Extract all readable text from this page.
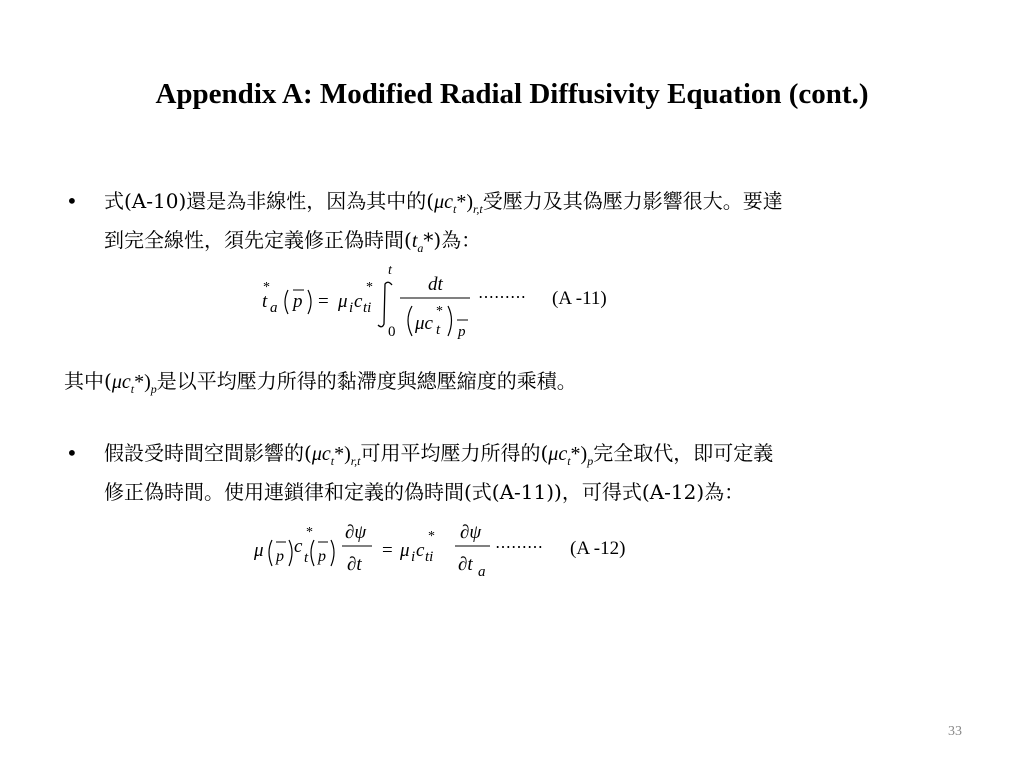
Appendix A: Modified Radial Diffusivity Equation (cont.)
• 式(A-10)還是為非線性，因為其中的$(\mu c_t*)_{r,t}$受壓力及其偽壓力影響很大。要達
到完全線性，須先定義修正偽時間$(t_a*)$為：
t
*
a p = μ i c
*
ti
t
0
dt
μc
*
t p
⋯⋯⋯ (A -11)
其中$(\mu c_t*)_p$是以平均壓力所得的黏滯度與總壓縮度的乘積。
• 假設受時間空間影響的$(\mu c_t*)_{r,t}$可用平均壓力所得的$(\mu c_t*)_p$完全取代，即可定義
修正偽時間。使用連鎖律和定義的偽時間(式(A-11))，可得式(A-12)為：
μ p c
*
t p
∂ψ
∂t
= μ i c
*
ti
∂ψ
∂t a
⋯⋯⋯ (A -12)
33
